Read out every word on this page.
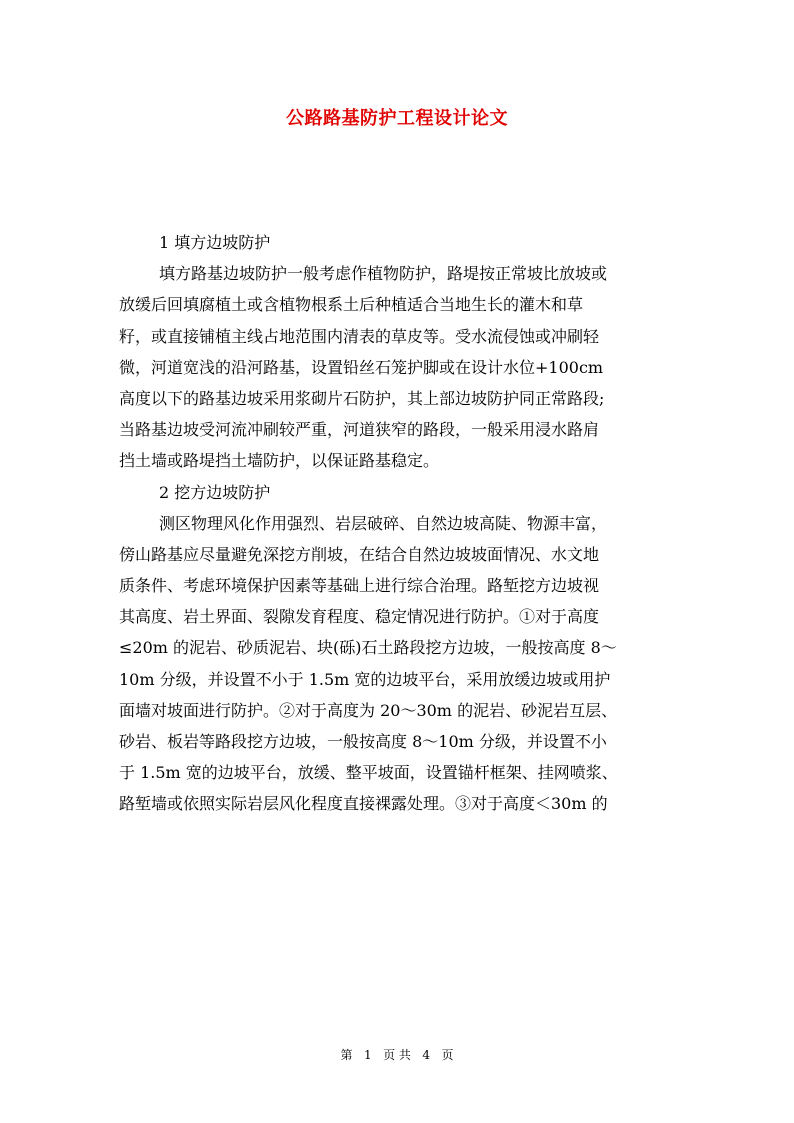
公路路基防护工程设计论文
1 填方边坡防护
填方路基边坡防护一般考虑作植物防护，路堤按正常坡比放坡或
放缓后回填腐植土或含植物根系土后种植适合当地生长的灌木和草
籽，或直接铺植主线占地范围内清表的草皮等。受水流侵蚀或冲刷轻
微，河道宽浅的沿河路基，设置铅丝石笼护脚或在设计水位+100cm
高度以下的路基边坡采用浆砌片石防护，其上部边坡防护同正常路段;
当路基边坡受河流冲刷较严重，河道狭窄的路段，一般采用浸水路肩
挡土墙或路堤挡土墙防护，以保证路基稳定。
2 挖方边坡防护
测区物理风化作用强烈、岩层破碎、自然边坡高陡、物源丰富，
傍山路基应尽量避免深挖方削坡，在结合自然边坡坡面情况、水文地
质条件、考虑环境保护因素等基础上进行综合治理。路堑挖方边坡视
其高度、岩土界面、裂隙发育程度、稳定情况进行防护。①对于高度
≤20m 的泥岩、砂质泥岩、块(砾)石土路段挖方边坡，一般按高度 8～
10m 分级，并设置不小于 1.5m 宽的边坡平台，采用放缓边坡或用护
面墙对坡面进行防护。②对于高度为 20～30m 的泥岩、砂泥岩互层、
砂岩、板岩等路段挖方边坡，一般按高度 8～10m 分级，并设置不小
于 1.5m 宽的边坡平台，放缓、整平坡面，设置锚杆框架、挂网喷浆、
路堑墙或依照实际岩层风化程度直接裸露处理。③对于高度＜30m 的
第 1 页 共 4 页
